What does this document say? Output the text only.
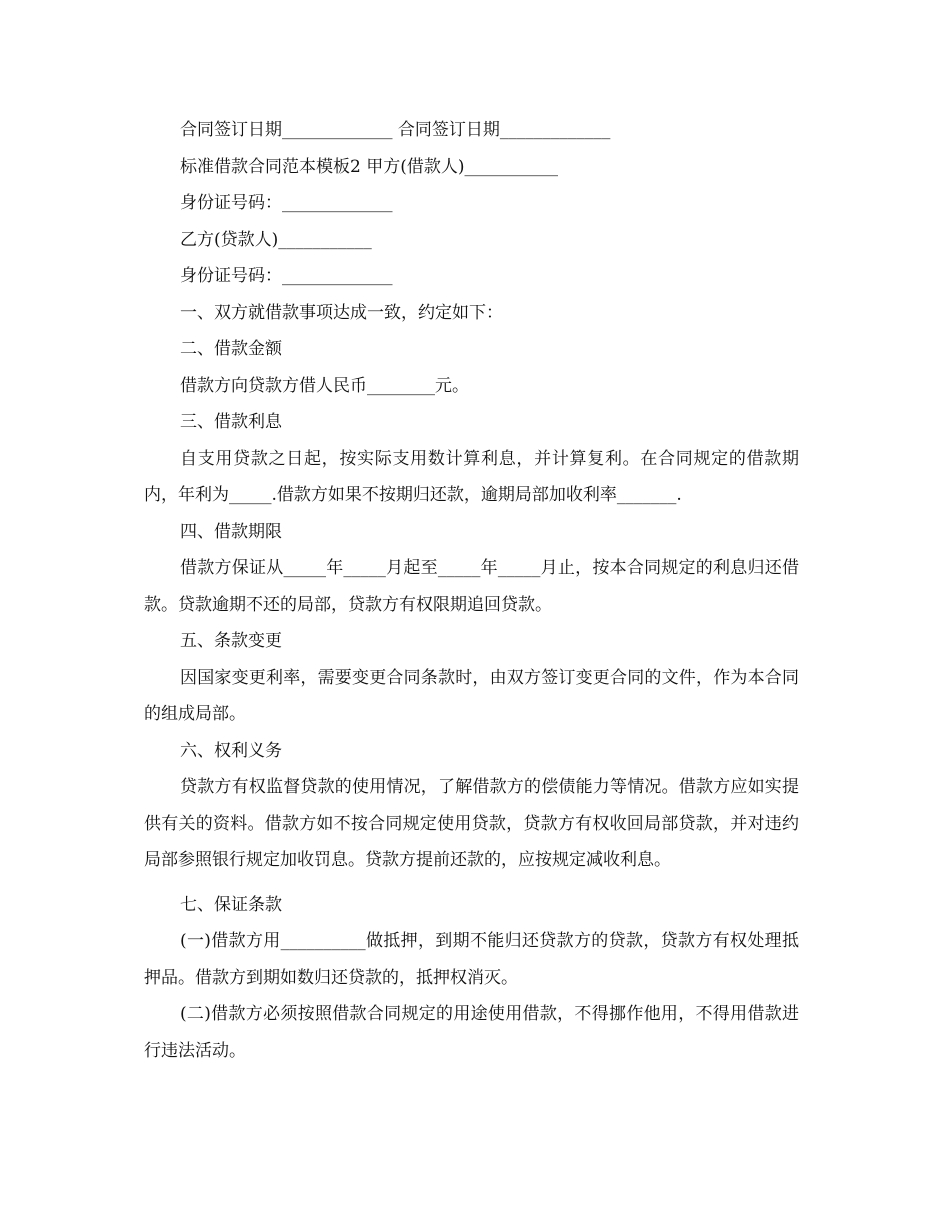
合同签订日期_____________ 合同签订日期_____________

标准借款合同范本模板2 甲方(借款人)___________

身份证号码：_____________

乙方(贷款人)___________

身份证号码：_____________

一、双方就借款事项达成一致，约定如下：

二、借款金额

借款方向贷款方借人民币________元。

三、借款利息

自支用贷款之日起，按实际支用数计算利息，并计算复利。在合同规定的借款期内，年利为_____.借款方如果不按期归还款，逾期局部加收利率_______.

四、借款期限

借款方保证从_____年_____月起至_____年_____月止，按本合同规定的利息归还借款。贷款逾期不还的局部，贷款方有权限期追回贷款。

五、条款变更

因国家变更利率，需要变更合同条款时，由双方签订变更合同的文件，作为本合同的组成局部。

六、权利义务

贷款方有权监督贷款的使用情况，了解借款方的偿债能力等情况。借款方应如实提供有关的资料。借款方如不按合同规定使用贷款，贷款方有权收回局部贷款，并对违约局部参照银行规定加收罚息。贷款方提前还款的，应按规定减收利息。

七、保证条款

(一)借款方用__________做抵押，到期不能归还贷款方的贷款，贷款方有权处理抵押品。借款方到期如数归还贷款的，抵押权消灭。

(二)借款方必须按照借款合同规定的用途使用借款，不得挪作他用，不得用借款进行违法活动。
